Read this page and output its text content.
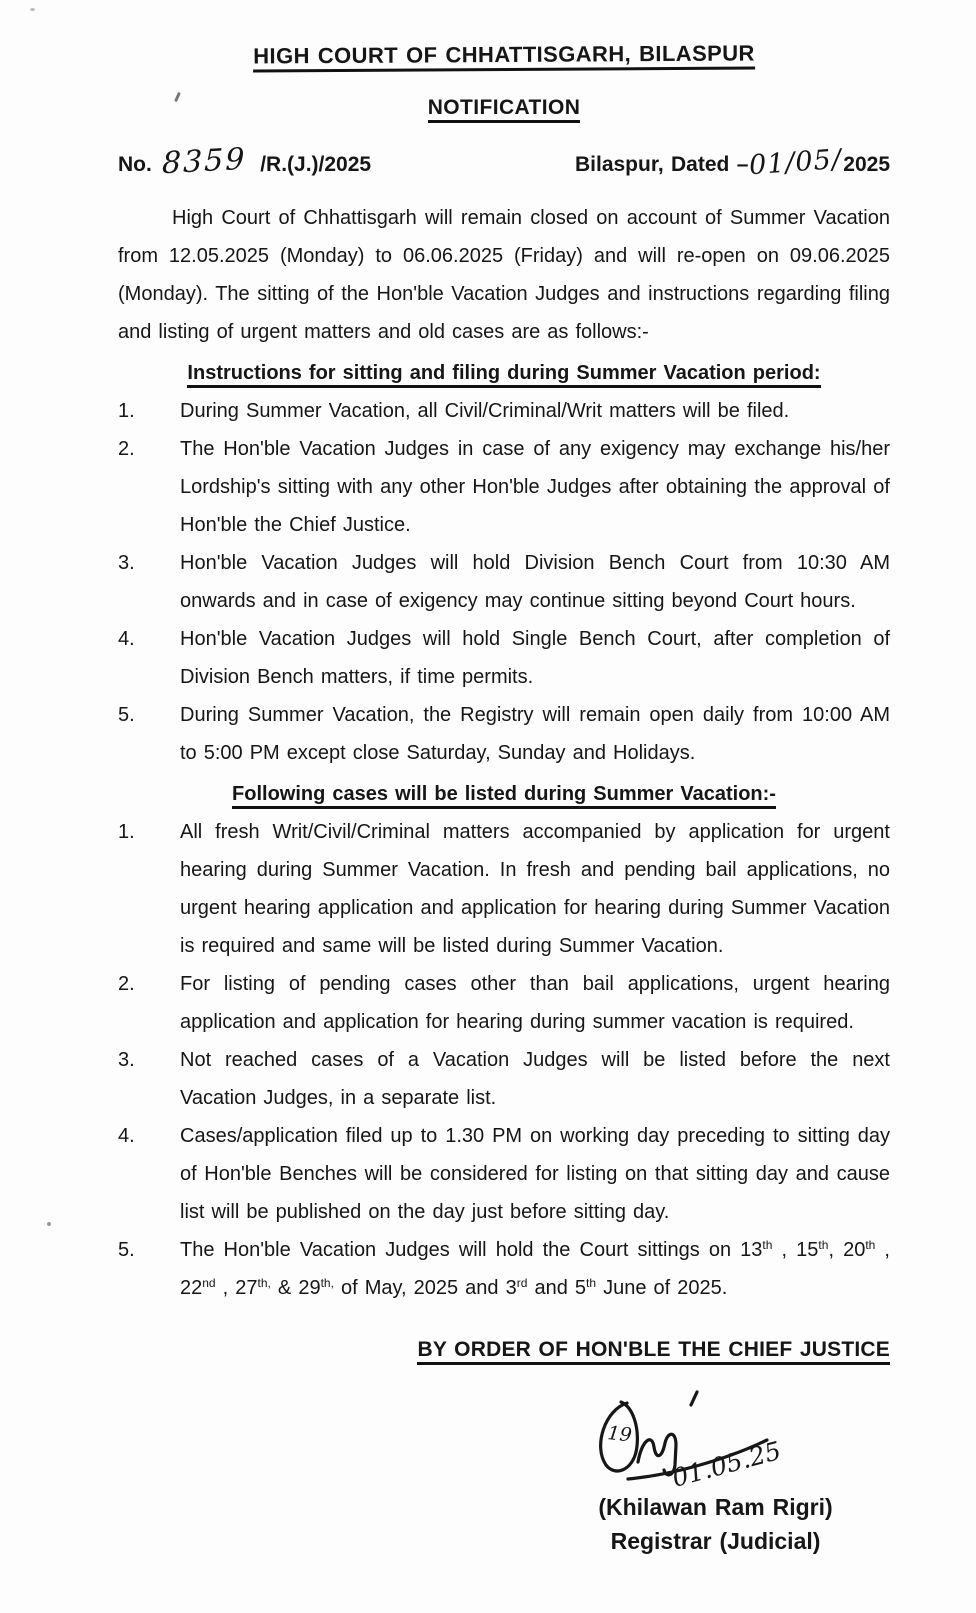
HIGH COURT OF CHHATTISGARH, BILASPUR
NOTIFICATION
No. 8359 /R.(J.)/2025	Bilaspur, Dated –01/05/2025

High Court of Chhattisgarh will remain closed on account of Summer Vacation from 12.05.2025 (Monday) to 06.06.2025 (Friday) and will re-open on 09.06.2025 (Monday). The sitting of the Hon'ble Vacation Judges and instructions regarding filing and listing of urgent matters and old cases are as follows:-

Instructions for sitting and filing during Summer Vacation period:
1.	During Summer Vacation, all Civil/Criminal/Writ matters will be filed.
2.	The Hon'ble Vacation Judges in case of any exigency may exchange his/her Lordship's sitting with any other Hon'ble Judges after obtaining the approval of Hon'ble the Chief Justice.
3.	Hon'ble Vacation Judges will hold Division Bench Court from 10:30 AM onwards and in case of exigency may continue sitting beyond Court hours.
4.	Hon'ble Vacation Judges will hold Single Bench Court, after completion of Division Bench matters, if time permits.
5.	During Summer Vacation, the Registry will remain open daily from 10:00 AM to 5:00 PM except close Saturday, Sunday and Holidays.
Following cases will be listed during Summer Vacation:-
1.	All fresh Writ/Civil/Criminal matters accompanied by application for urgent hearing during Summer Vacation. In fresh and pending bail applications, no urgent hearing application and application for hearing during Summer Vacation is required and same will be listed during Summer Vacation.
2.	For listing of pending cases other than bail applications, urgent hearing application and application for hearing during summer vacation is required.
3.	Not reached cases of a Vacation Judges will be listed before the next Vacation Judges, in a separate list.
4.	Cases/application filed up to 1.30 PM on working day preceding to sitting day of Hon'ble Benches will be considered for listing on that sitting day and cause list will be published on the day just before sitting day.
5.	The Hon'ble Vacation Judges will hold the Court sittings on 13th , 15th, 20th , 22nd , $27^{th,}$ & $29^{th,}$ of May, 2025 and 3rd and 5th June of 2025.
BY ORDER OF HON'BLE THE CHIEF JUSTICE
19
01.05.25
(Khilawan Ram Rigri)
Registrar (Judicial)
